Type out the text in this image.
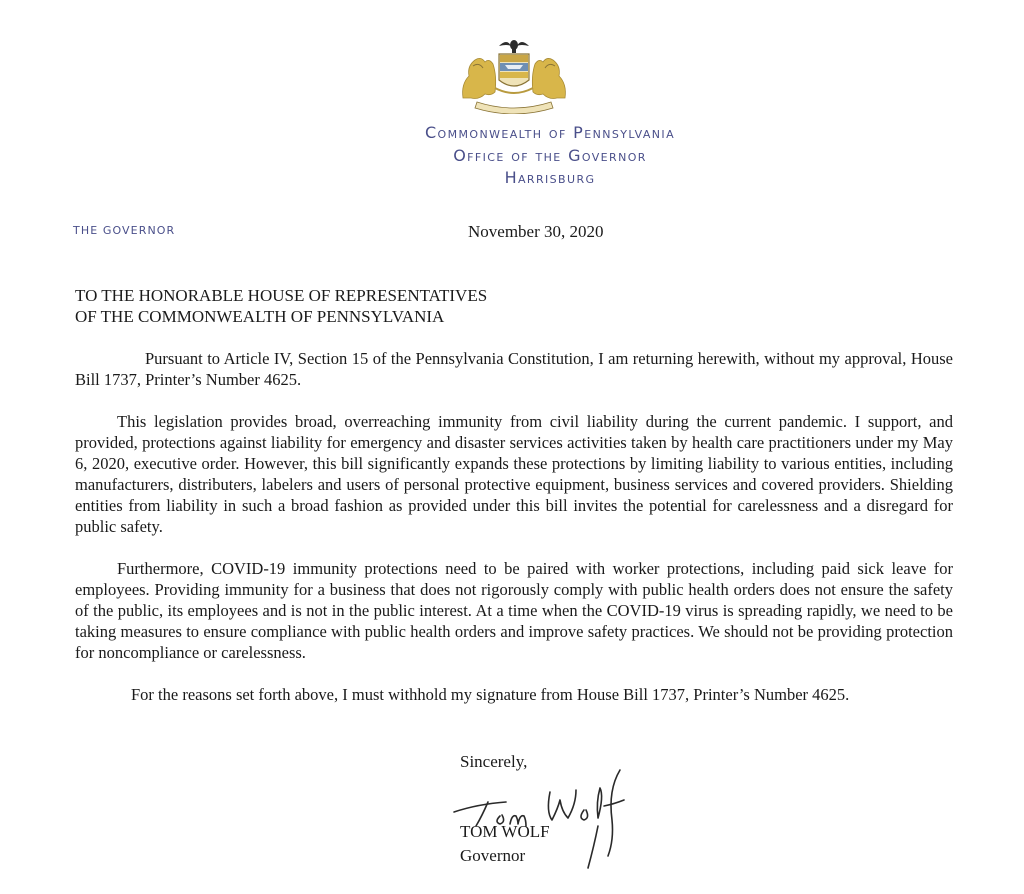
Commonwealth of Pennsylvania
Office of the Governor
Harrisburg
THE GOVERNOR	November 30, 2020
TO THE HONORABLE HOUSE OF REPRESENTATIVES
OF THE COMMONWEALTH OF PENNSYLVANIA

Pursuant to Article IV, Section 15 of the Pennsylvania Constitution, I am returning herewith, without my approval, House Bill 1737, Printer’s Number 4625.

This legislation provides broad, overreaching immunity from civil liability during the current pandemic. I support, and provided, protections against liability for emergency and disaster services activities taken by health care practitioners under my May 6, 2020, executive order. However, this bill significantly expands these protections by limiting liability to various entities, including manufacturers, distributers, labelers and users of personal protective equipment, business services and covered providers. Shielding entities from liability in such a broad fashion as provided under this bill invites the potential for carelessness and a disregard for public safety.

Furthermore, COVID-19 immunity protections need to be paired with worker protections, including paid sick leave for employees. Providing immunity for a business that does not rigorously comply with public health orders does not ensure the safety of the public, its employees and is not in the public interest. At a time when the COVID-19 virus is spreading rapidly, we need to be taking measures to ensure compliance with public health orders and improve safety practices. We should not be providing protection for noncompliance or carelessness.

For the reasons set forth above, I must withhold my signature from House Bill 1737, Printer’s Number 4625.

Sincerely,
TOM WOLF
Governor
